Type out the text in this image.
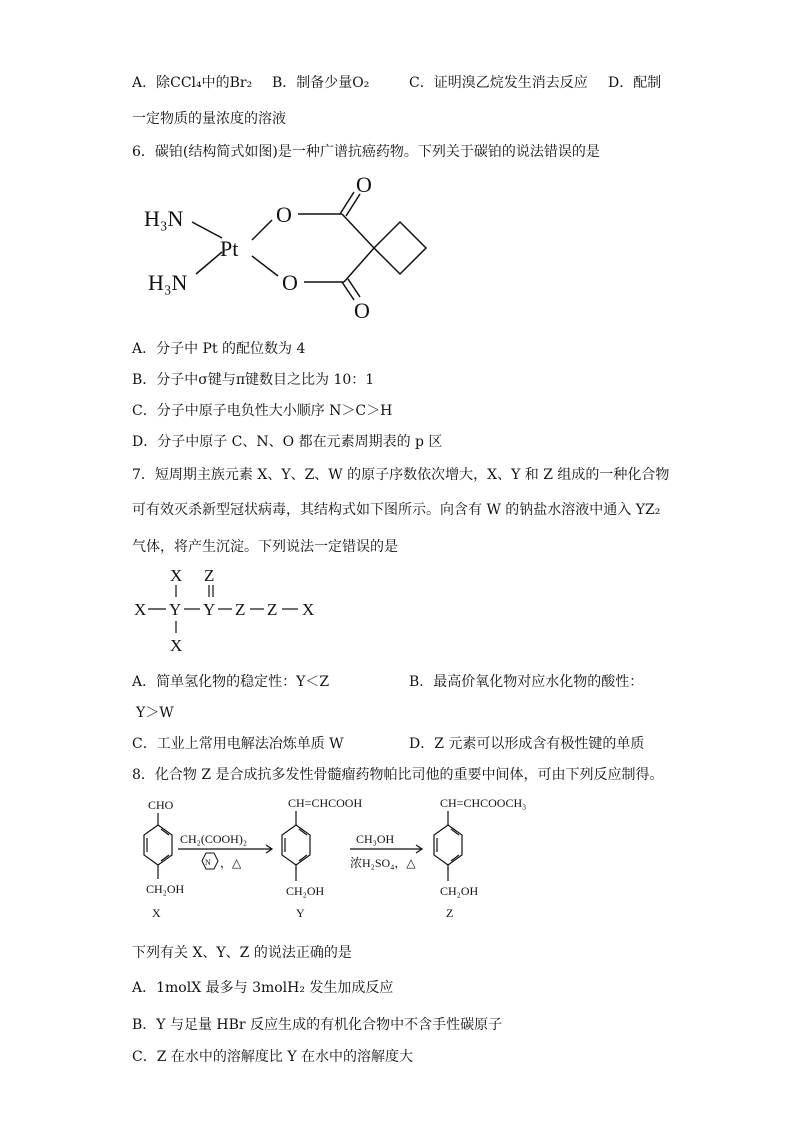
A．除CCl₄中的Br₂ B．制备少量O₂	C．证明溴乙烷发生消去反应 D．配制
一定物质的量浓度的溶液
6．碳铂(结构简式如图)是一种广谱抗癌药物。下列关于碳铂的说法错误的是
H₃N
H₃N
Pt
O
O
O
O
A．分子中 Pt 的配位数为 4
B．分子中σ键与π键数目之比为 10：1
C．分子中原子电负性大小顺序 N＞C＞H
D．分子中原子 C、N、O 都在元素周期表的 p 区
7．短周期主族元素 X、Y、Z、W 的原子序数依次增大，X、Y 和 Z 组成的一种化合物
可有效灭杀新型冠状病毒，其结构式如下图所示。向含有 W 的钠盐水溶液中通入 YZ₂
气体，将产生沉淀。下列说法一定错误的是
X Z
X Y Y Z Z X
X
A．简单氢化物的稳定性：Y＜Z	B．最高价氧化物对应水化物的酸性：
Y＞W
C．工业上常用电解法冶炼单质 W	D．Z 元素可以形成含有极性键的单质
8．化合物 Z 是合成抗多发性骨髓瘤药物帕比司他的重要中间体，可由下列反应制得。
CHO
CH₂OH
X
CH₂(COOH)₂
N ，△
CH=CHCOOH
CH₂OH
Y
CH₃OH
浓H₂SO₄，△
CH=CHCOOCH₃
CH₂OH
Z
下列有关 X、Y、Z 的说法正确的是
A．1molX 最多与 3molH₂ 发生加成反应
B．Y 与足量 HBr 反应生成的有机化合物中不含手性碳原子
C．Z 在水中的溶解度比 Y 在水中的溶解度大
